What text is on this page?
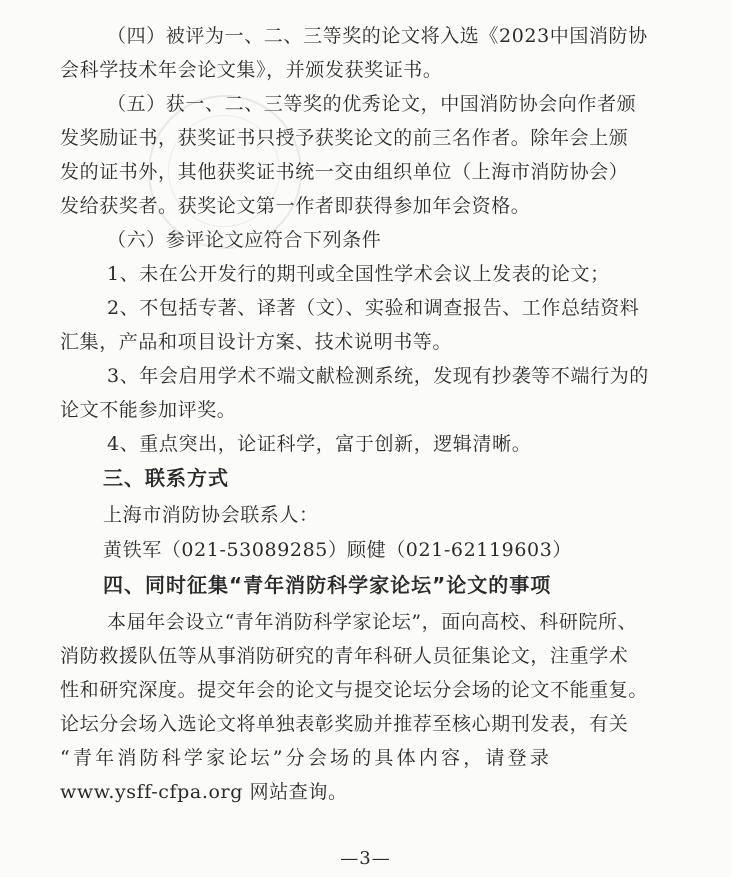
（四）被评为一、二、三等奖的论文将入选《2023中国消防协
会科学技术年会论文集》，并颁发获奖证书。
（五）获一、二、三等奖的优秀论文，中国消防协会向作者颁
发奖励证书，获奖证书只授予获奖论文的前三名作者。除年会上颁
发的证书外，其他获奖证书统一交由组织单位（上海市消防协会）
发给获奖者。获奖论文第一作者即获得参加年会资格。
（六）参评论文应符合下列条件
1、未在公开发行的期刊或全国性学术会议上发表的论文；
2、不包括专著、译著（文）、实验和调查报告、工作总结资料
汇集，产品和项目设计方案、技术说明书等。
3、年会启用学术不端文献检测系统，发现有抄袭等不端行为的
论文不能参加评奖。
4、重点突出，论证科学，富于创新，逻辑清晰。
三、联系方式
上海市消防协会联系人：
黄铁军（021-53089285） 顾健（021-62119603）
四、同时征集“青年消防科学家论坛”论文的事项
本届年会设立“青年消防科学家论坛”，面向高校、科研院所、
消防救援队伍等从事消防研究的青年科研人员征集论文，注重学术
性和研究深度。提交年会的论文与提交论坛分会场的论文不能重复。
论坛分会场入选论文将单独表彰奖励并推荐至核心期刊发表，有关
“青年消防科学家论坛”分会场的具体内容，请登录
www.ysff-cfpa.org 网站查询。
—3—
